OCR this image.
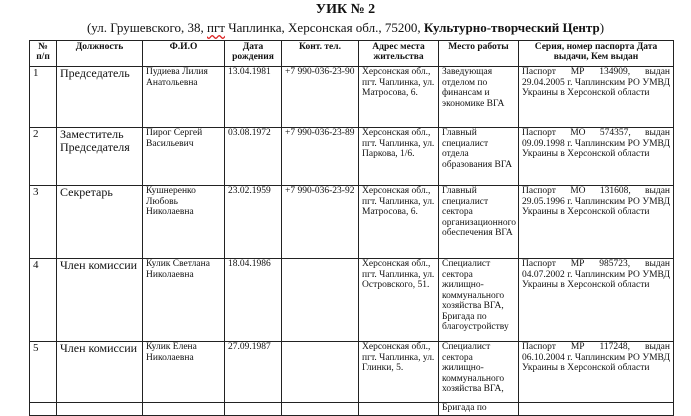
УИК № 2
(ул. Грушевского, 38, пгт Чаплинка, Херсонская обл., 75200, Культурно-творческий Центр)
№ п/п	Должность	Ф.И.О	Дата рождения	Конт. тел.	Адрес места жительства	Место работы	Серия, номер паспорта Дата выдачи, Кем выдан
1	Председатель	Пудиева Лилия Анатольевна	13.04.1981	+7 990-036-23-90	Херсонская обл., пгт. Чаплинка, ул. Матросова, 6.	Заведующая отделом по финансам и экономике ВГА	Паспорт МР 134909, выдан 29.04.2005 г. Чаплинским РО УМВД Украины в Херсонской области
2	Заместитель Председателя	Пирог Сергей Васильевич	03.08.1972	+7 990-036-23-89	Херсонская обл., пгт. Чаплинка, ул. Паркова, 1/6.	Главный специалист отдела образования ВГА	Паспорт МО 574357, выдан 09.09.1998 г. Чаплинским РО УМВД Украины в Херсонской области
3	Секретарь	Кушнеренко Любовь Николаевна	23.02.1959	+7 990-036-23-92	Херсонская обл., пгт. Чаплинка, ул. Матросова, 6.	Главный специалист сектора организационного обеспечения ВГА	Паспорт МО 131608, выдан 29.05.1996 г. Чаплинским РО УМВД Украины в Херсонской области
4	Член комиссии	Кулик Светлана Николаевна	18.04.1986		Херсонская обл., пгт. Чаплинка, ул. Островского, 51.	Специалист сектора жилищно-коммунального хозяйства ВГА, Бригада по благоустройству	Паспорт МР 985723, выдан 04.07.2002 г. Чаплинским РО УМВД Украины в Херсонской области
5	Член комиссии	Кулик Елена Николаевна	27.09.1987		Херсонская обл., пгт. Чаплинка, ул. Глинки, 5.	Специалист сектора жилищно-коммунального хозяйства ВГА,	Паспорт МР 117248, выдан 06.10.2004 г. Чаплинским РО УМВД Украины в Херсонской области
						Бригада по	
